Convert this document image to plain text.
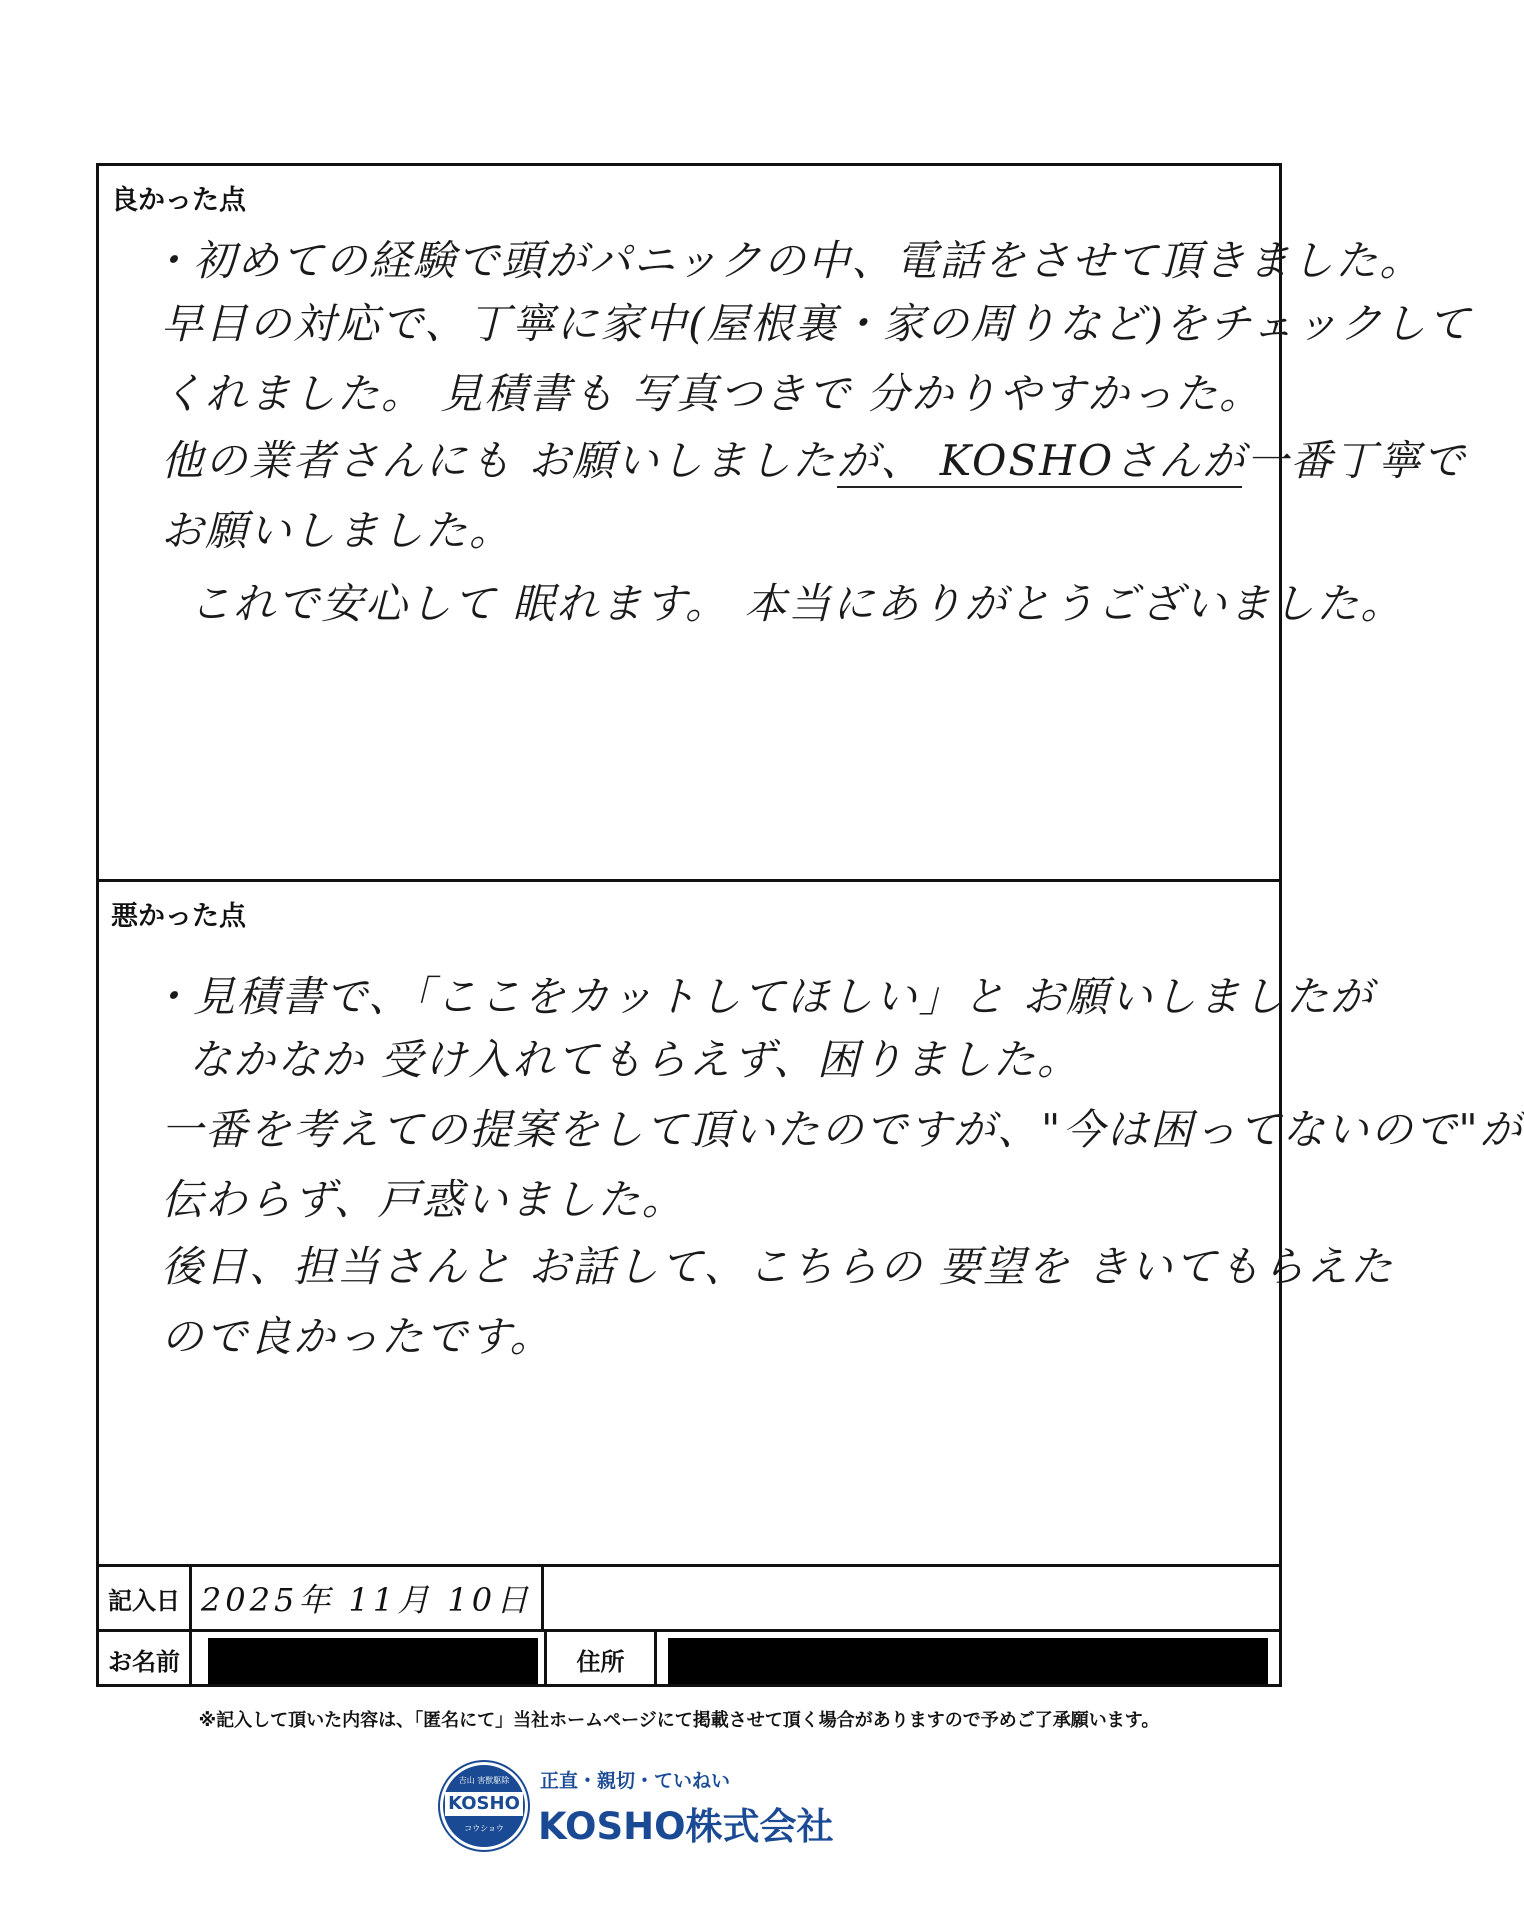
良かった点
・初めての経験で頭がパニックの中、電話をさせて頂きました。
早目の対応で、丁寧に家中(屋根裏・家の周りなど)をチェックして
くれました。 見積書も 写真つきで 分かりやすかった。
他の業者さんにも お願いしましたが、 KOSHOさんが一番丁寧で
お願いしました。
これで安心して 眠れます。 本当にありがとうございました。
悪かった点
・見積書で、「ここをカットしてほしい」と お願いしましたが
なかなか 受け入れてもらえず、困りました。
一番を考えての提案をして頂いたのですが、"今は困ってないので"が
伝わらず、戸惑いました。
後日、担当さんと お話して、こちらの 要望を きいてもらえた
ので良かったです。
記入日 2025年 11月 10日
お名前	住所
※記入して頂いた内容は、「匿名にて」当社ホームページにて掲載させて頂く場合がありますので予めご了承願います。
吉山 害獣駆除
KOSHO
コウショウ
正直・親切・ていねい
KOSHO株式会社
